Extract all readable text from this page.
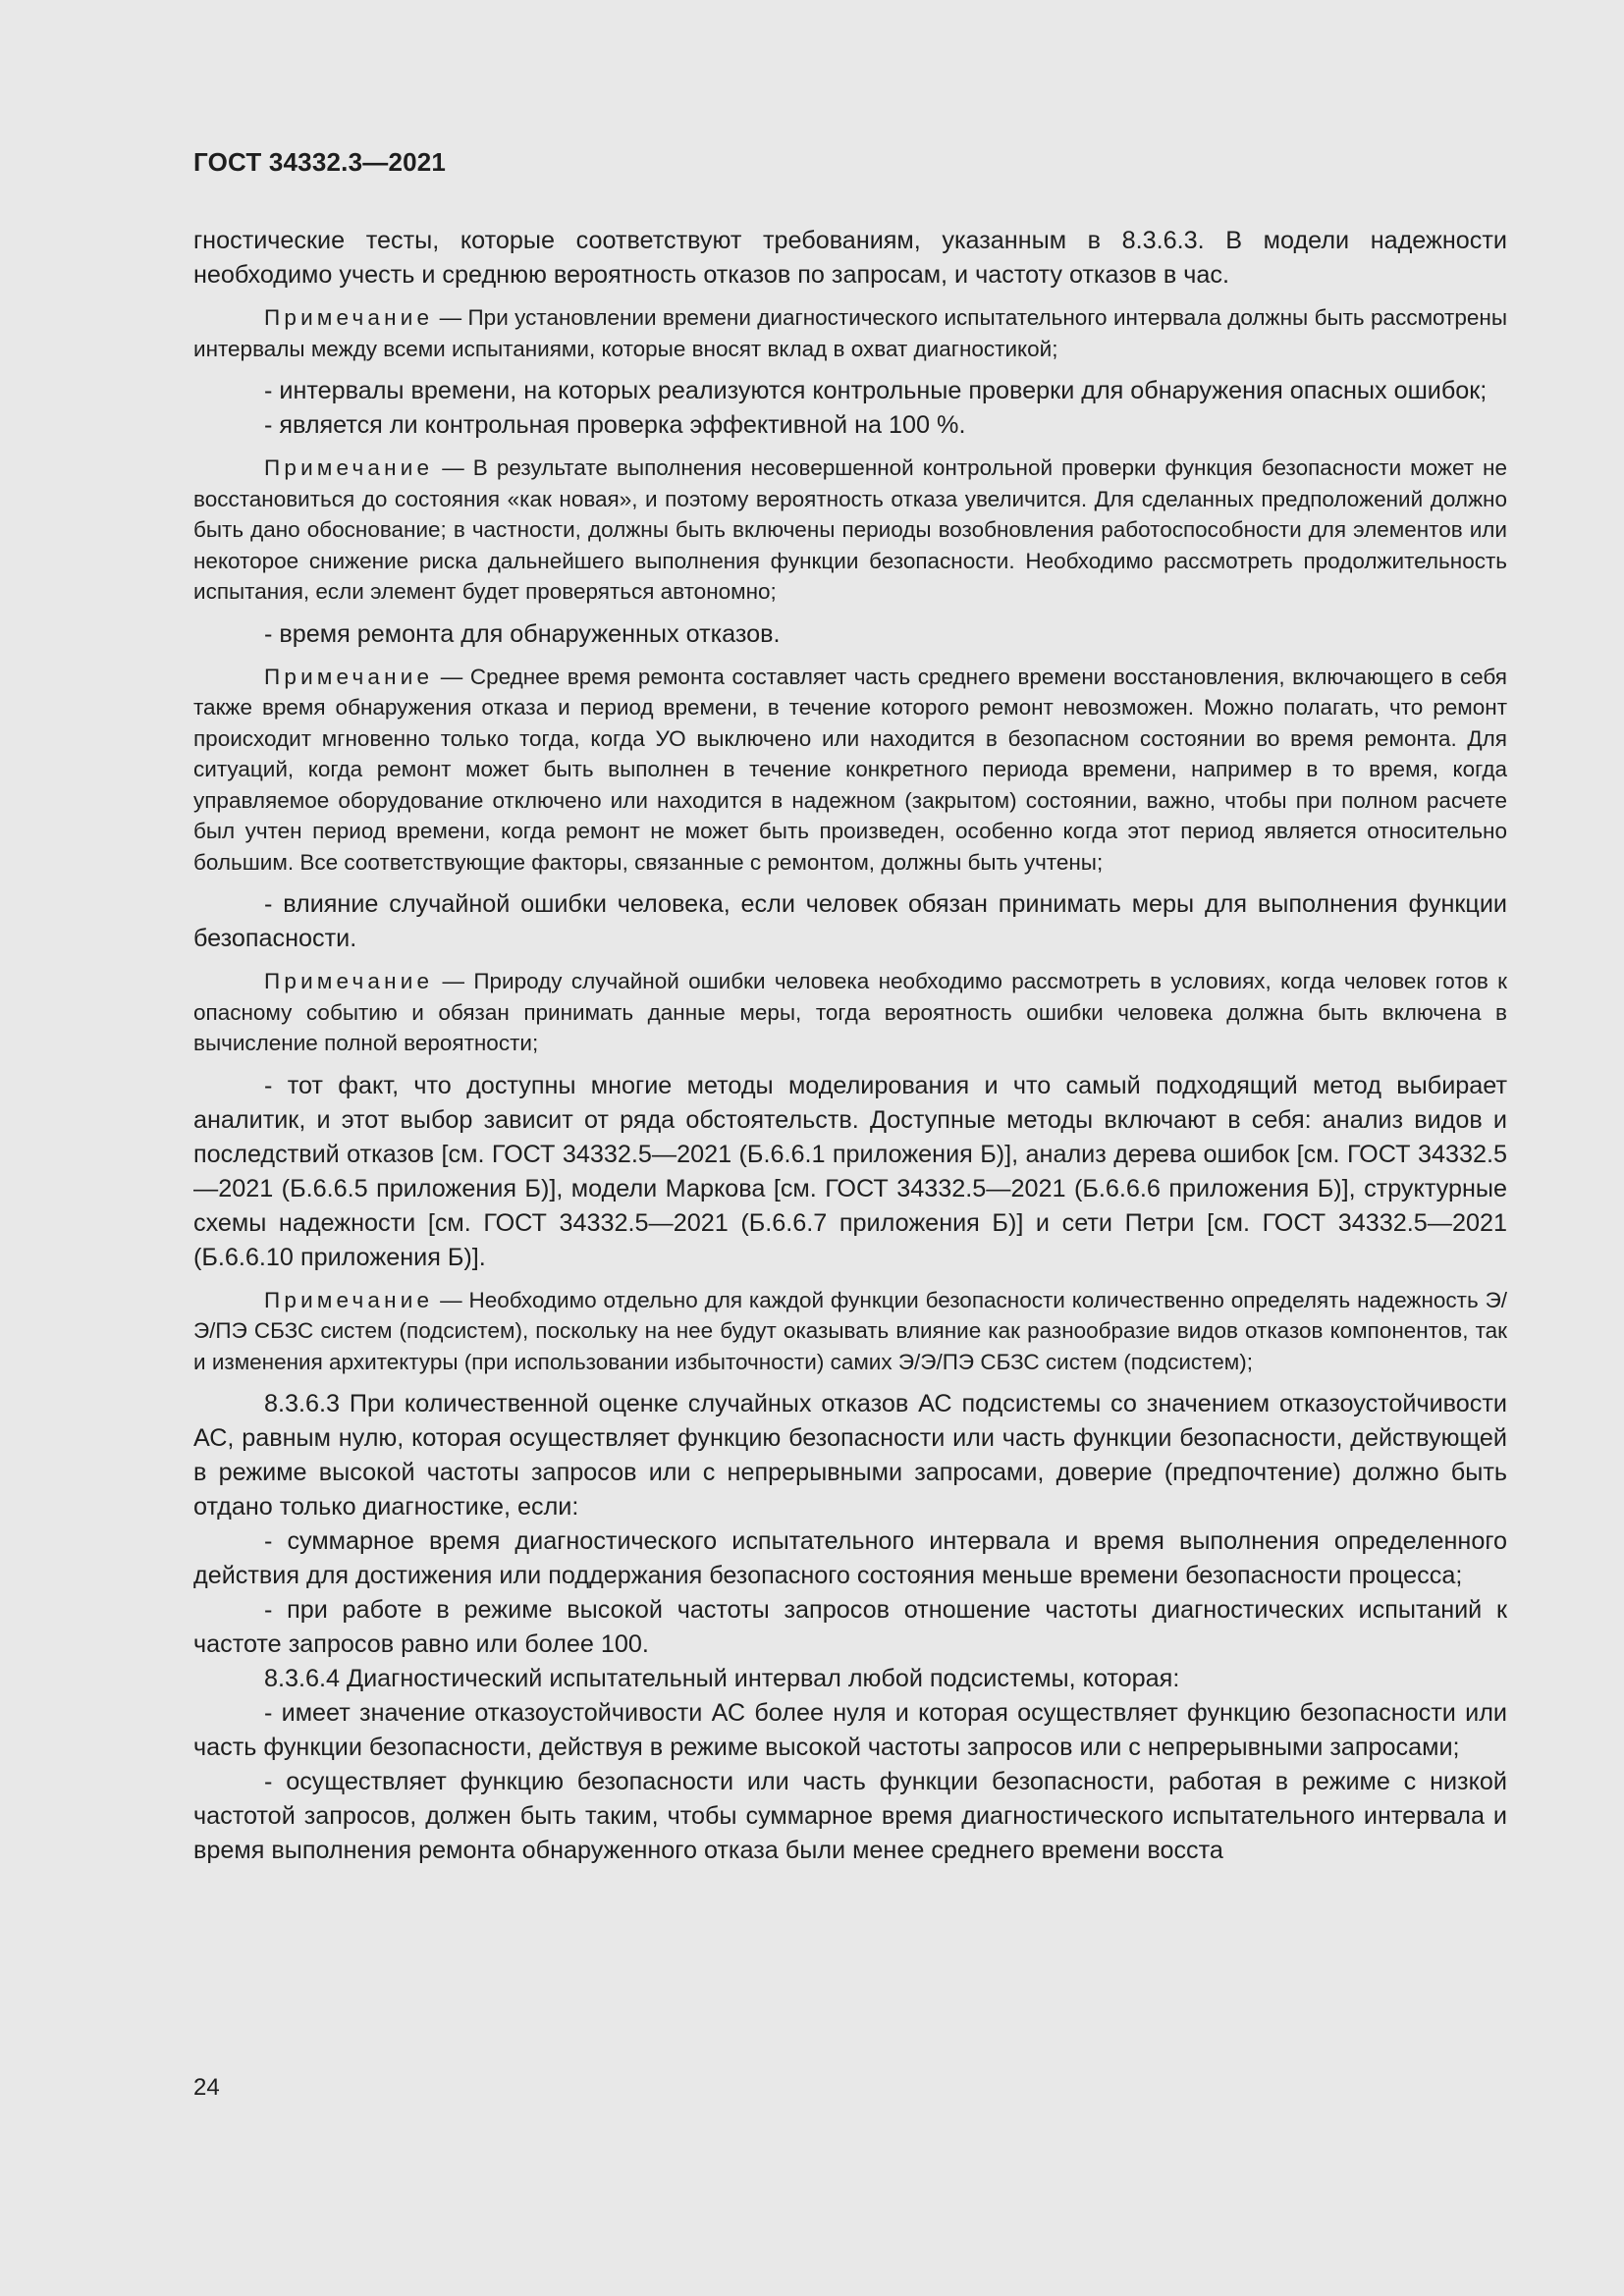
ГОСТ 34332.3—2021

гностические тесты, которые соответствуют требованиям, указанным в 8.3.6.3. В модели надежности необходимо учесть и среднюю вероятность отказов по запросам, и частоту отказов в час.

Примечание — При установлении времени диагностического испытательного интервала должны быть рассмотрены интервалы между всеми испытаниями, которые вносят вклад в охват диагностикой;

- интервалы времени, на которых реализуются контрольные проверки для обнаружения опасных ошибок;

- является ли контрольная проверка эффективной на 100 %.

Примечание — В результате выполнения несовершенной контрольной проверки функция безопасности может не восстановиться до состояния «как новая», и поэтому вероятность отказа увеличится. Для сделанных предположений должно быть дано обоснование; в частности, должны быть включены периоды возобновления работоспособности для элементов или некоторое снижение риска дальнейшего выполнения функции безопасности. Необходимо рассмотреть продолжительность испытания, если элемент будет проверяться автономно;

- время ремонта для обнаруженных отказов.

Примечание — Среднее время ремонта составляет часть среднего времени восстановления, включающего в себя также время обнаружения отказа и период времени, в течение которого ремонт невозможен. Можно полагать, что ремонт происходит мгновенно только тогда, когда УО выключено или находится в безопасном состоянии во время ремонта. Для ситуаций, когда ремонт может быть выполнен в течение конкретного периода времени, например в то время, когда управляемое оборудование отключено или находится в надежном (закрытом) состоянии, важно, чтобы при полном расчете был учтен период времени, когда ремонт не может быть произведен, особенно когда этот период является относительно большим. Все соответствующие факторы, связанные с ремонтом, должны быть учтены;

- влияние случайной ошибки человека, если человек обязан принимать меры для выполнения функции безопасности.

Примечание — Природу случайной ошибки человека необходимо рассмотреть в условиях, когда человек готов к опасному событию и обязан принимать данные меры, тогда вероятность ошибки человека должна быть включена в вычисление полной вероятности;

- тот факт, что доступны многие методы моделирования и что самый подходящий метод выбирает аналитик, и этот выбор зависит от ряда обстоятельств. Доступные методы включают в себя: анализ видов и последствий отказов [см. ГОСТ 34332.5—2021 (Б.6.6.1 приложения Б)], анализ дерева ошибок [см. ГОСТ 34332.5—2021 (Б.6.6.5 приложения Б)], модели Маркова [см. ГОСТ 34332.5—2021 (Б.6.6.6 приложения Б)], структурные схемы надежности [см. ГОСТ 34332.5—2021 (Б.6.6.7 приложения Б)] и сети Петри [см. ГОСТ 34332.5—2021 (Б.6.6.10 приложения Б)].

Примечание — Необходимо отдельно для каждой функции безопасности количественно определять надежность Э/Э/ПЭ СБЗС систем (подсистем), поскольку на нее будут оказывать влияние как разнообразие видов отказов компонентов, так и изменения архитектуры (при использовании избыточности) самих Э/Э/ПЭ СБЗС систем (подсистем);

8.3.6.3 При количественной оценке случайных отказов АС подсистемы со значением отказоустойчивости АС, равным нулю, которая осуществляет функцию безопасности или часть функции безопасности, действующей в режиме высокой частоты запросов или с непрерывными запросами, доверие (предпочтение) должно быть отдано только диагностике, если:

- суммарное время диагностического испытательного интервала и время выполнения определенного действия для достижения или поддержания безопасного состояния меньше времени безопасности процесса;

- при работе в режиме высокой частоты запросов отношение частоты диагностических испытаний к частоте запросов равно или более 100.

8.3.6.4 Диагностический испытательный интервал любой подсистемы, которая:

- имеет значение отказоустойчивости АС более нуля и которая осуществляет функцию безопасности или часть функции безопасности, действуя в режиме высокой частоты запросов или с непрерывными запросами;

- осуществляет функцию безопасности или часть функции безопасности, работая в режиме с низкой частотой запросов, должен быть таким, чтобы суммарное время диагностического испытательного интервала и время выполнения ремонта обнаруженного отказа были менее среднего времени восста

24
